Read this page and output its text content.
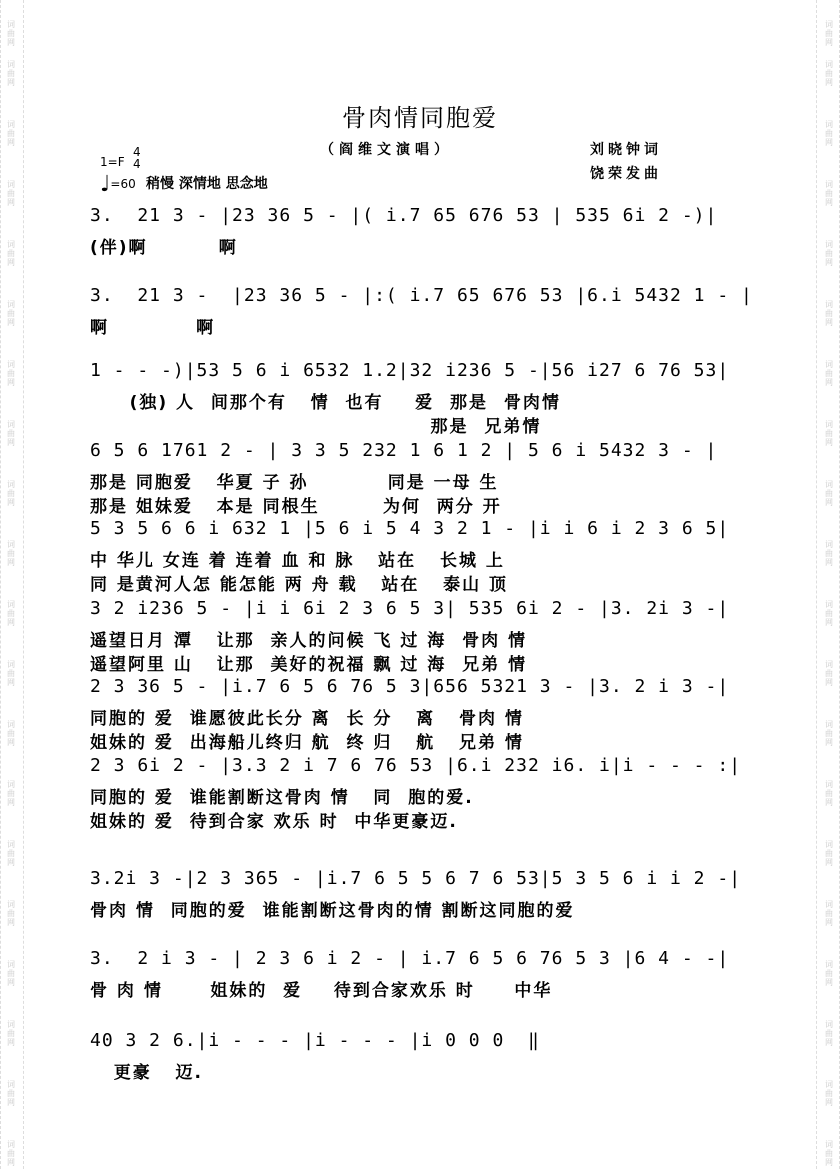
骨肉情同胞爱
（阎维文演唱）	刘晓钟词
饶荣发曲
1=F
4
4
♩=60 稍慢 深情地 思念地
3.  21 3 - |23 36 5 - |( i.7 65 676 53 | 535 6i 2 -)|
(伴)啊         啊
3.  21 3 -  |23 36 5 - |:( i.7 65 676 53 |6.i 5432 1 - |
啊           啊
1 - - -)|53 5 6 i 6532 1.2|32 i236 5 -|56 i27 6 76 53|
(独) 人  间那个有   情  也有    爱  那是  骨肉情
那是  兄弟情
6 5 6 1761 2 - | 3 3 5 232 1 6 1 2 | 5 6 i 5432 3 - |
那是 同胞爱   华夏 子 孙          同是 一母 生
那是 姐妹爱   本是 同根生        为何  两分 开
5 3 5 6 6 i 632 1 |5 6 i 5 4 3 2 1 - |i i 6 i 2 3 6 5|
中 华儿 女连 着 连着 血 和 脉   站在   长城 上
同 是黄河人怎 能怎能 两 舟 载   站在   泰山 顶
3 2 i236 5 - |i i 6i 2 3 6 5 3| 535 6i 2 - |3. 2i 3 -|
遥望日月 潭   让那  亲人的问候 飞 过 海  骨肉 情
遥望阿里 山   让那  美好的祝福 飘 过 海  兄弟 情
2 3 36 5 - |i.7 6 5 6 76 5 3|656 5321 3 - |3. 2 i 3 -|
同胞的 爱  谁愿彼此长分 离  长 分   离   骨肉 情
姐妹的 爱  出海船儿终归 航  终 归   航   兄弟 情
2 3 6i 2 - |3.3 2 i 7 6 76 53 |6.i 232 i6. i|i - - - :|
同胞的 爱  谁能割断这骨肉 情   同  胞的爱.
姐妹的 爱  待到合家 欢乐 时  中华更豪迈.
3.2i 3 -|2 3 365 - |i.7 6 5 5 6 7 6 53|5 3 5 6 i i 2 -|
骨肉 情  同胞的爱  谁能割断这骨肉的情 割断这同胞的爱
3.  2 i 3 - | 2 3 6 i 2 - | i.7 6 5 6 76 5 3 |6 4 - -|
骨 肉 情      姐妹的  爱    待到合家欢乐 时     中华
40 3 2 6.|i - - - |i - - - |i 0 0 0  ‖
更豪   迈.
词
曲
网
词
曲
网
词
曲
网
词
曲
网
词
曲
网
词
曲
网
词
曲
网
词
曲
网
词
曲
网
词
曲
网
词
曲
网
词
曲
网
词
曲
网
词
曲
网
词
曲
网
词
曲
网
词
曲
网
词
曲
网
词
曲
网
词
曲
网
词
曲
网
词
曲
网
词
曲
网
词
曲
网
词
曲
网
词
曲
网
词
曲
网
词
曲
网
词
曲
网
词
曲
网
词
曲
网
词
曲
网
词
曲
网
词
曲
网
词
曲
网
词
曲
网
词
曲
网
词
曲
网
词
曲
网
词
曲
网
